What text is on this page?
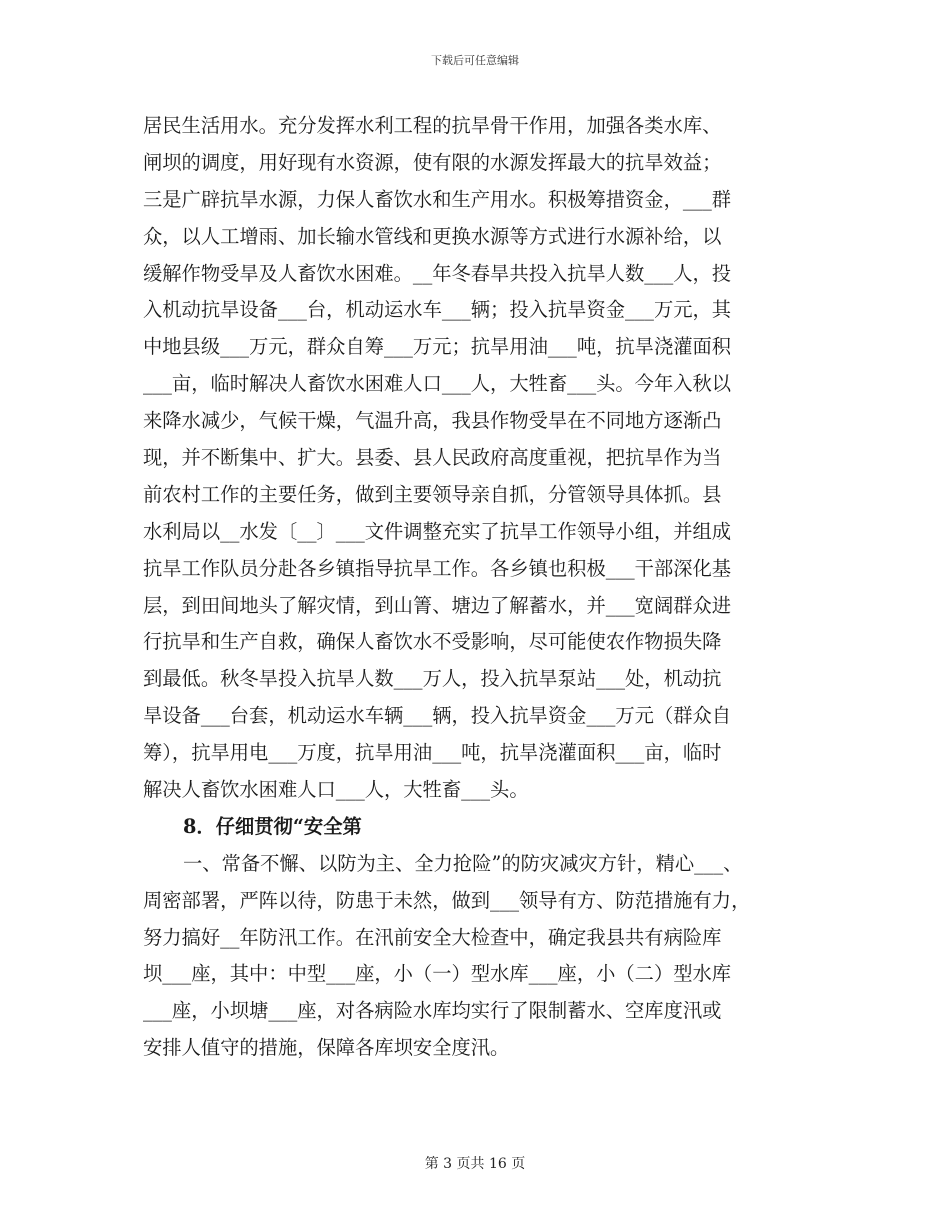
下载后可任意编辑
居民生活用水。充分发挥水利工程的抗旱骨干作用，加强各类水库、
闸坝的调度，用好现有水资源，使有限的水源发挥最大的抗旱效益；
三是广辟抗旱水源，力保人畜饮水和生产用水。积极筹措资金，___群
众，以人工增雨、加长输水管线和更换水源等方式进行水源补给，以
缓解作物受旱及人畜饮水困难。__年冬春旱共投入抗旱人数___人，投
入机动抗旱设备___台，机动运水车___辆；投入抗旱资金___万元，其
中地县级___万元，群众自筹___万元；抗旱用油___吨，抗旱浇灌面积
___亩，临时解决人畜饮水困难人口___人，大牲畜___头。今年入秋以
来降水减少，气候干燥，气温升高，我县作物受旱在不同地方逐渐凸
现，并不断集中、扩大。县委、县人民政府高度重视，把抗旱作为当
前农村工作的主要任务，做到主要领导亲自抓，分管领导具体抓。县
水利局以__水发〔__〕___文件调整充实了抗旱工作领导小组，并组成
抗旱工作队员分赴各乡镇指导抗旱工作。各乡镇也积极___干部深化基
层，到田间地头了解灾情，到山箐、塘边了解蓄水，并___宽阔群众进
行抗旱和生产自救，确保人畜饮水不受影响，尽可能使农作物损失降
到最低。秋冬旱投入抗旱人数___万人，投入抗旱泵站___处，机动抗
旱设备___台套，机动运水车辆___辆，投入抗旱资金___万元（群众自
筹），抗旱用电___万度，抗旱用油___吨，抗旱浇灌面积___亩，临时
解决人畜饮水困难人口___人，大牲畜___头。
8．仔细贯彻“安全第
一、常备不懈、以防为主、全力抢险”的防灾减灾方针，精心___、
周密部署，严阵以待，防患于未然，做到___领导有方、防范措施有力，
努力搞好__年防汛工作。在汛前安全大检查中，确定我县共有病险库
坝___座，其中：中型___座，小（一）型水库___座，小（二）型水库
___座，小坝塘___座，对各病险水库均实行了限制蓄水、空库度汛或
安排人值守的措施，保障各库坝安全度汛。
第 3 页共 16 页
